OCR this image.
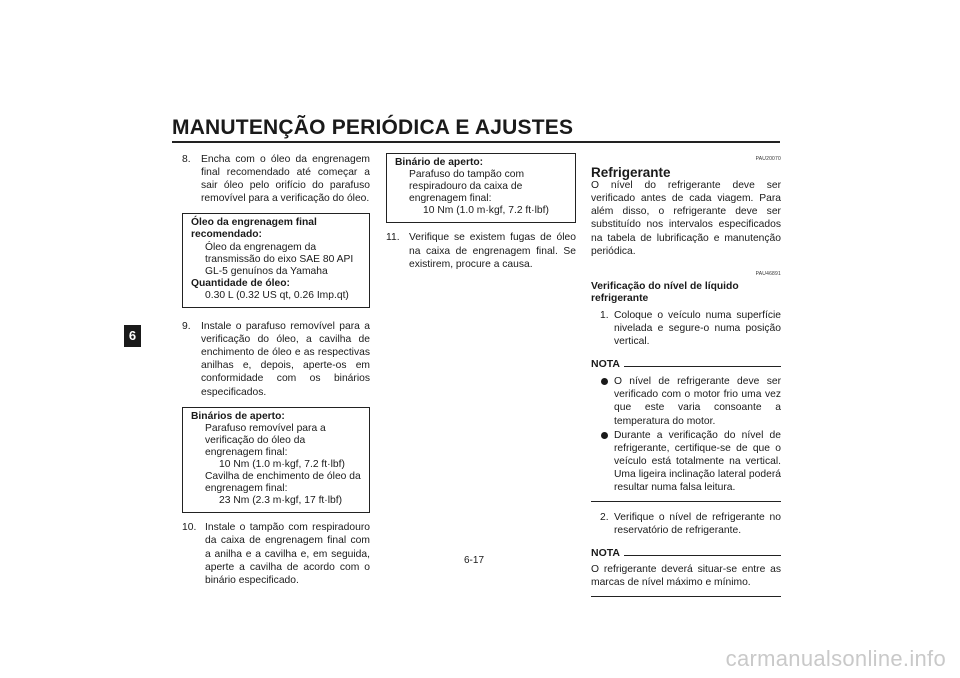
MANUTENÇÃO PERIÓDICA E AJUSTES
6
8. Encha com o óleo da engrenagem final recomendado até começar a sair óleo pelo orifício do parafuso removível para a verificação do óleo.
Óleo da engrenagem final recomendado:
Óleo da engrenagem da transmissão do eixo SAE 80 API GL-5 genuínos da Yamaha
Quantidade de óleo:
0.30 L (0.32 US qt, 0.26 Imp.qt)
9. Instale o parafuso removível para a verificação do óleo, a cavilha de enchimento de óleo e as respectivas anilhas e, depois, aperte-os em conformidade com os binários especificados.
Binários de aperto:
Parafuso removível para a verificação do óleo da engrenagem final:
10 Nm (1.0 m·kgf, 7.2 ft·lbf)
Cavilha de enchimento de óleo da engrenagem final:
23 Nm (2.3 m·kgf, 17 ft·lbf)
10. Instale o tampão com respiradouro da caixa de engrenagem final com a anilha e a cavilha e, em seguida, aperte a cavilha de acordo com o binário especificado.
Binário de aperto:
Parafuso do tampão com respiradouro da caixa de engrenagem final:
10 Nm (1.0 m·kgf, 7.2 ft·lbf)
11. Verifique se existem fugas de óleo na caixa de engrenagem final. Se existirem, procure a causa.
PAU20070
Refrigerante
O nível do refrigerante deve ser verificado antes de cada viagem. Para além disso, o refrigerante deve ser substituído nos intervalos especificados na tabela de lubrificação e manutenção periódica.
PAU46891
Verificação do nível de líquido refrigerante
1. Coloque o veículo numa superfície nivelada e segure-o numa posição vertical.
NOTA
O nível de refrigerante deve ser verificado com o motor frio uma vez que este varia consoante a temperatura do motor.
Durante a verificação do nível de refrigerante, certifique-se de que o veículo está totalmente na vertical. Uma ligeira inclinação lateral poderá resultar numa falsa leitura.
2. Verifique o nível de refrigerante no reservatório de refrigerante.
NOTA
O refrigerante deverá situar-se entre as marcas de nível máximo e mínimo.
6-17
carmanualsonline.info
